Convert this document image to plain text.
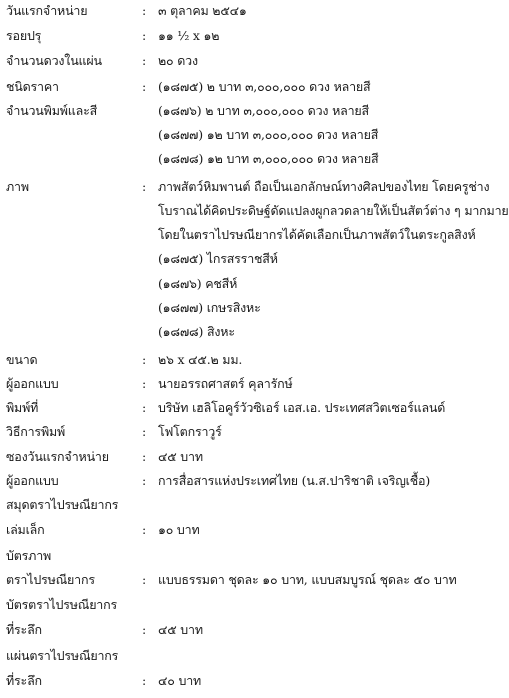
วันแรกจำหน่าย	: ๓ ตุลาคม ๒๕๔๑
รอยปรุ	: ๑๑ ½ x ๑๒
จำนวนดวงในแผ่น	: ๒๐ ดวง
ชนิดราคา	: (๑๘๗๕) ๒ บาท ๓,๐๐๐,๐๐๐ ดวง หลายสี
จำนวนพิมพ์และสี	(๑๘๗๖) ๒ บาท ๓,๐๐๐,๐๐๐ ดวง หลายสี
(๑๘๗๗) ๑๒ บาท ๓,๐๐๐,๐๐๐ ดวง หลายสี
(๑๘๗๘) ๑๒ บาท ๓,๐๐๐,๐๐๐ ดวง หลายสี
ภาพ	: ภาพสัตว์หิมพานต์ ถือเป็นเอกลักษณ์ทางศิลปของไทย โดยครูช่าง
โบราณได้คิดประดิษฐ์ดัดแปลงผูกลวดลายให้เป็นสัตว์ต่าง ๆ มากมาย
โดยในตราไปรษณียากรได้คัดเลือกเป็นภาพสัตว์ในตระกูลสิงห์
(๑๘๗๕) ไกรสรราชสีห์
(๑๘๗๖) คชสีห์
(๑๘๗๗) เกษรสิงหะ
(๑๘๗๘) สิงหะ
ขนาด	: ๒๖ x ๔๕.๒ มม.
ผู้ออกแบบ	: นายอรรถศาสตร์ คุลารักษ์
พิมพ์ที่	: บริษัท เฮลิโอคูร์วัวซิเอร์ เอส.เอ. ประเทศสวิตเซอร์แลนด์
วิธีการพิมพ์	: โฟโตกราวูร์
ซองวันแรกจำหน่าย	: ๔๕ บาท
ผู้ออกแบบ	: การสื่อสารแห่งประเทศไทย (น.ส.ปาริชาติ เจริญเชื้อ)
สมุดตราไปรษณียากร
เล่มเล็ก	: ๑๐ บาท
บัตรภาพ
ตราไปรษณียากร	: แบบธรรมดา ชุดละ ๑๐ บาท, แบบสมบูรณ์ ชุดละ ๕๐ บาท
บัตรตราไปรษณียากร
ที่ระลึก	: ๔๕ บาท
แผ่นตราไปรษณียากร
ที่ระลึก	: ๔๐ บาท
